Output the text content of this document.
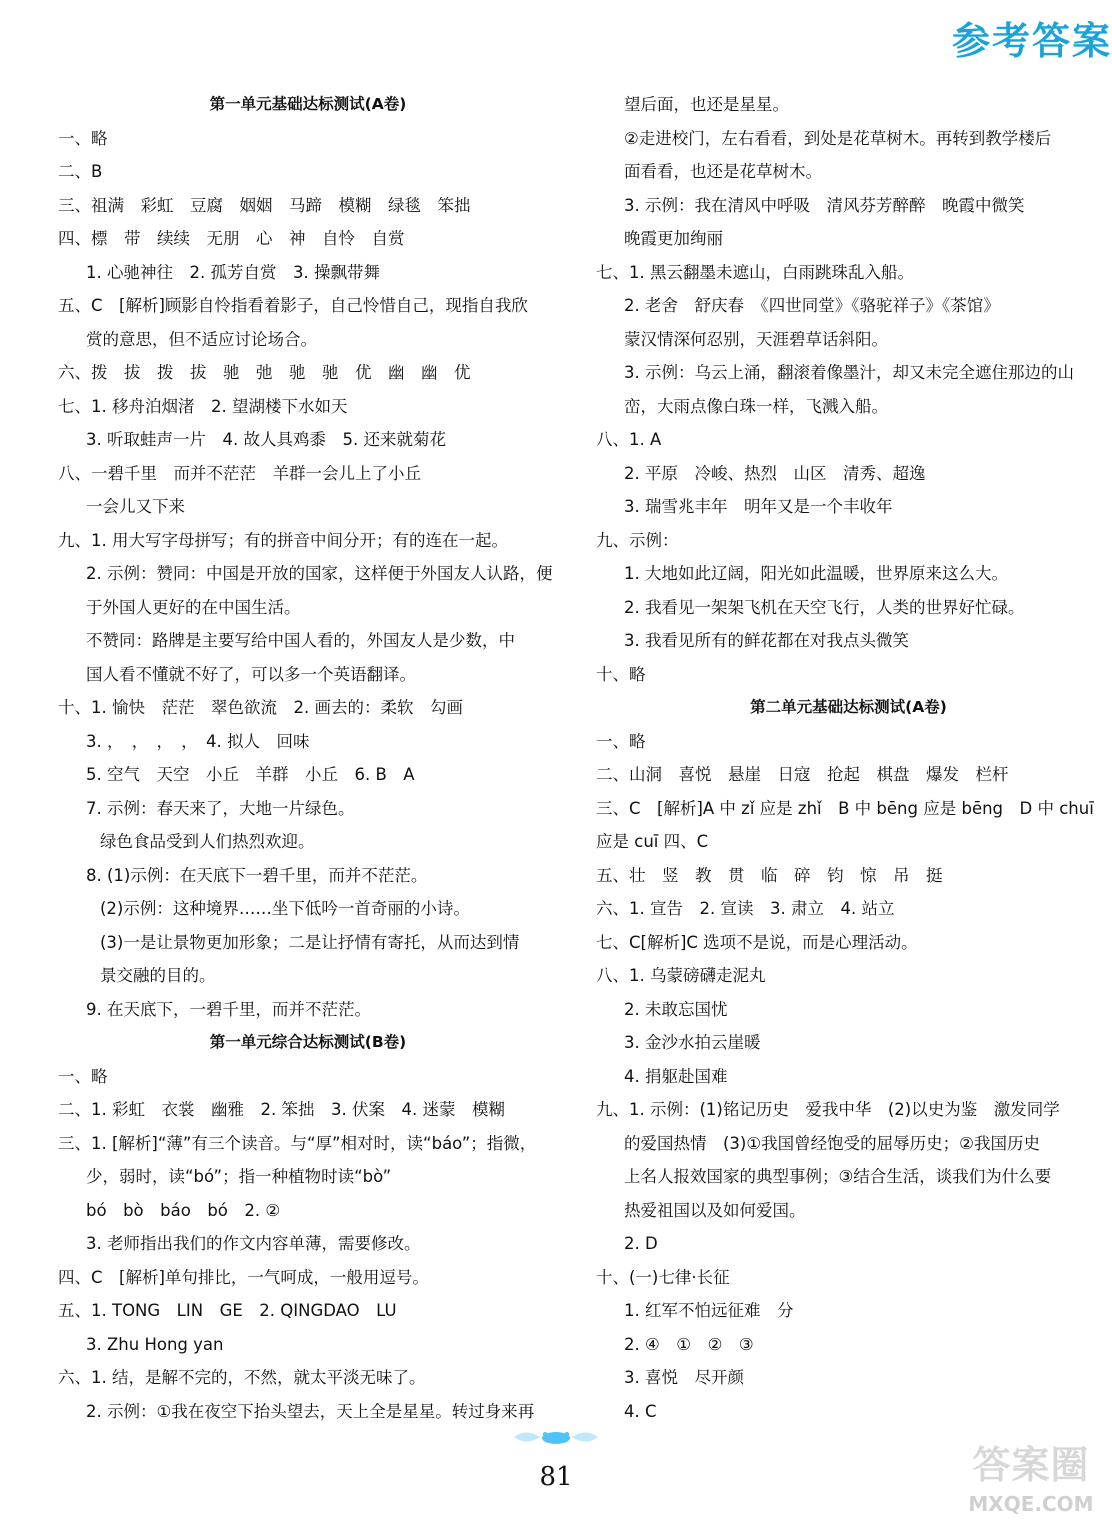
参考答案
第一单元基础达标测试(A卷)
一、略
二、B
三、祖满　彩虹　豆腐　姻姻　马蹄　模糊　绿毯　笨拙
四、標　带　续续　无朋　心　神　自怜　自赏
1. 心驰神往　2. 孤芳自赏　3. 操飘带舞
五、C　[解析]顾影自怜指看着影子，自己怜惜自己，现指自我欣
赏的意思，但不适应讨论场合。
六、拨　拔　拨　拔　驰　弛　驰　驰　优　幽　幽　优
七、1. 移舟泊烟渚　2. 望湖楼下水如天
3. 听取蛙声一片　4. 故人具鸡黍　5. 还来就菊花
八、一碧千里　而并不茫茫　羊群一会儿上了小丘
一会儿又下来
九、1. 用大写字母拼写；有的拼音中间分开；有的连在一起。
2. 示例：赞同：中国是开放的国家，这样便于外国友人认路，便
于外国人更好的在中国生活。
不赞同：路牌是主要写给中国人看的，外国友人是少数，中
国人看不懂就不好了，可以多一个英语翻译。
十、1. 愉快　茫茫　翠色欲流　2. 画去的：柔软　勾画
3. ，　，　，　，　4. 拟人　回味
5. 空气　天空　小丘　羊群　小丘　6. B　A
7. 示例：春天来了，大地一片绿色。
绿色食品受到人们热烈欢迎。
8. (1)示例：在天底下一碧千里，而并不茫茫。
(2)示例：这种境界……坐下低吟一首奇丽的小诗。
(3)一是让景物更加形象；二是让抒情有寄托，从而达到情
景交融的目的。
9. 在天底下，一碧千里，而并不茫茫。
第一单元综合达标测试(B卷)
一、略
二、1. 彩虹　衣裳　幽雅　2. 笨拙　3. 伏案　4. 迷蒙　模糊
三、1. [解析]“薄”有三个读音。与“厚”相对时，读“báo”；指微，
少，弱时，读“bó”；指一种植物时读“bò”
bó　bò　báo　bó　2. ②
3. 老师指出我们的作文内容单薄，需要修改。
四、C　[解析]单句排比，一气呵成，一般用逗号。
五、1. TONG　LIN　GE　2. QINGDAO　LU
3. Zhu Hong yan
六、1. 结，是解不完的，不然，就太平淡无味了。
2. 示例：①我在夜空下抬头望去，天上全是星星。转过身来再
望后面，也还是星星。
②走进校门，左右看看，到处是花草树木。再转到教学楼后
面看看，也还是花草树木。
3. 示例：我在清风中呼吸　清风芬芳醉醉　晚霞中微笑
晚霞更加绚丽
七、1. 黑云翻墨未遮山，白雨跳珠乱入船。
2. 老舍　舒庆春　《四世同堂》《骆驼祥子》《茶馆》
蒙汉情深何忍别，天涯碧草话斜阳。
3. 示例：乌云上涌，翻滚着像墨汁，却又未完全遮住那边的山
峦，大雨点像白珠一样，飞溅入船。
八、1. A
2. 平原　冷峻、热烈　山区　清秀、超逸
3. 瑞雪兆丰年　明年又是一个丰收年
九、示例：
1. 大地如此辽阔，阳光如此温暖，世界原来这么大。
2. 我看见一架架飞机在天空飞行，人类的世界好忙碌。
3. 我看见所有的鲜花都在对我点头微笑
十、略
第二单元基础达标测试(A卷)
一、略
二、山洞　喜悦　悬崖　日寇　抢起　棋盘　爆发　栏杆
三、C　[解析]A 中 zǐ 应是 zhǐ　B 中 bēng 应是 bēng　D 中 chuī
应是 cuī 四、C
五、壮　竖　教　贯　临　碎　钧　惊　吊　挺
六、1. 宣告　2. 宣读　3. 肃立　4. 站立
七、C[解析]C 选项不是说，而是心理活动。
八、1. 乌蒙磅礴走泥丸
2. 未敢忘国忧
3. 金沙水拍云崖暖
4. 捐躯赴国难
九、1. 示例：(1)铭记历史　爱我中华　(2)以史为鉴　激发同学
的爱国热情　(3)①我国曾经饱受的屈辱历史；②我国历史
上名人报效国家的典型事例；③结合生活，谈我们为什么要
热爱祖国以及如何爱国。
2. D
十、(一)七律·长征
1. 红军不怕远征难　分
2. ④　①　②　③
3. 喜悦　尽开颜
4. C
81	答案圈
MXQE.COM
